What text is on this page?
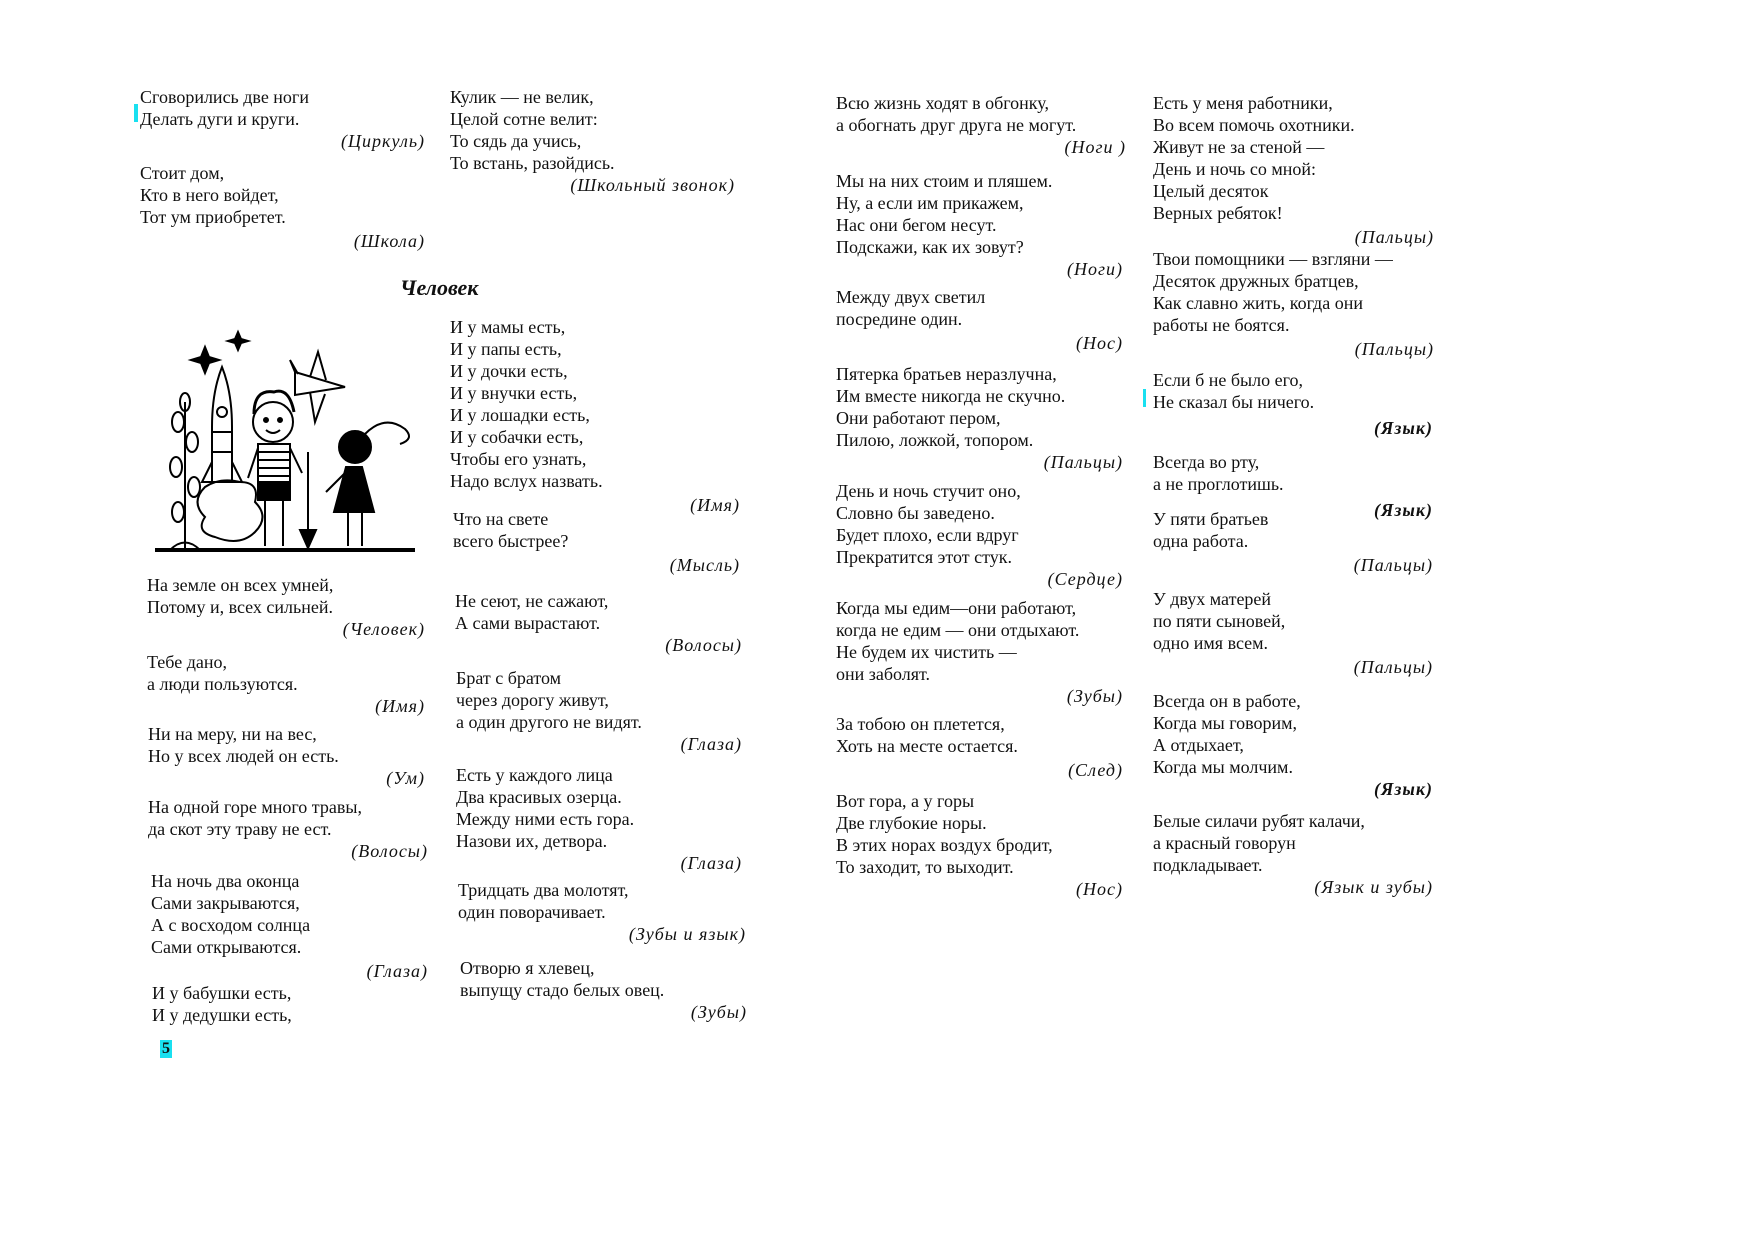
Сговорились две ноги
Делать дуги и круги.
(Циркуль)
Стоит дом,
Кто в него войдет,
Тот ум приобретет.
(Школа)
Кулик — не велик,
Целой сотне велит:
То сядь да учись,
То встань, разойдись.
(Школьный звонок)
Человек
И у мамы есть,
И у папы есть,
И у дочки есть,
И у внучки есть,
И у лошадки есть,
И у собачки есть,
Чтобы его узнать,
Надо вслух назвать.
(Имя)
Что на свете
всего быстрее?
(Мысль)
На земле он всех умней,
Потому и, всех сильней.
(Человек)
Не сеют, не сажают,
А сами вырастают.
(Волосы)
Тебе дано,
а люди пользуются.
(Имя)
Брат с братом
через дорогу живут,
а один другого не видят.
(Глаза)
Ни на меру, ни на вес,
Но у всех людей он есть.
(Ум) Есть у каждого лица
Два красивых озерца.
Между ними есть гора.
Назови их, детвора.
(Глаза)
На одной горе много травы,
да скот эту траву не ест.
(Волосы)
На ночь два оконца
Сами закрываются,
А с восходом солнца
Сами открываются.
(Глаза)
Тридцать два молотят,
один поворачивает.
(Зубы и язык)
И у бабушки есть,
И у дедушки есть,
Отворю я хлевец,
выпущу стадо белых овец.
(Зубы)
5
Всю жизнь ходят в обгонку,
а обогнать друг друга не могут.
(Ноги )
Есть у меня работники,
Во всем помочь охотники.
Живут не за стеной —
День и ночь со мной:
Целый десяток
Верных ребяток!
(Пальцы)
Мы на них стоим и пляшем.
Ну, а если им прикажем,
Нас они бегом несут.
Подскажи, как их зовут?
(Ноги) Твои помощники — взгляни —
Десяток дружных братцев,
Как славно жить, когда они
работы не боятся.
(Пальцы)
Между двух светил
посредине один.
(Нос)
Если б не было его,
Не сказал бы ничего.
(Язык)
Пятерка братьев неразлучна,
Им вместе никогда не скучно.
Они работают пером,
Пилою, ложкой, топором.
(Пальцы) Всегда во рту,
а не проглотишь.
(Язык)
День и ночь стучит оно,
Словно бы заведено.
Будет плохо, если вдруг
Прекратится этот стук.
(Сердце)
У пяти братьев
одна работа.
(Пальцы)
Когда мы едим—они работают,
когда не едим — они отдыхают.
Не будем их чистить —
они заболят.
(Зубы)
У двух матерей
по пяти сыновей,
одно имя всем.
(Пальцы)
За тобою он плетется,
Хоть на месте остается.
(След)
Всегда он в работе,
Когда мы говорим,
А отдыхает,
Когда мы молчим.
(Язык)
Вот гора, а у горы
Две глубокие норы.
В этих норах воздух бродит,
То заходит, то выходит.
(Нос)
Белые силачи рубят калачи,
а красный говорун
подкладывает.
(Язык и зубы)
